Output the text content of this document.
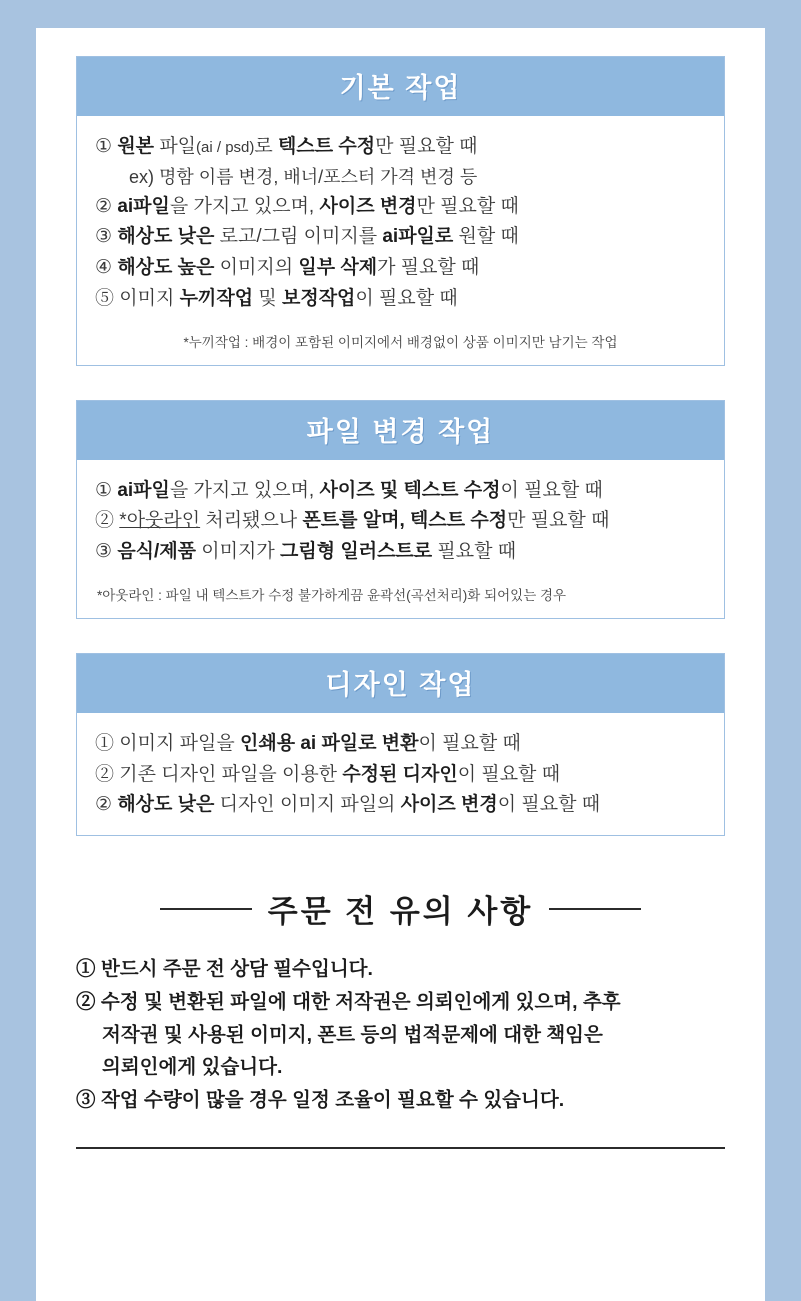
기본 작업
① 원본 파일(ai / psd)로 텍스트 수정만 필요할 때
ex) 명함 이름 변경, 배너/포스터 가격 변경 등
② ai파일을 가지고 있으며, 사이즈 변경만 필요할 때
③ 해상도 낮은 로고/그림 이미지를 ai파일로 원할 때
④ 해상도 높은 이미지의 일부 삭제가 필요할 때
⑤ 이미지 누끼작업 및 보정작업이 필요할 때
*누끼작업 : 배경이 포함된 이미지에서 배경없이 상품 이미지만 남기는 작업
파일 변경 작업
① ai파일을 가지고 있으며, 사이즈 및 텍스트 수정이 필요할 때
② *아웃라인 처리됐으나 폰트를 알며, 텍스트 수정만 필요할 때
③ 음식/제품 이미지가 그림형 일러스트로 필요할 때
*아웃라인 : 파일 내 텍스트가 수정 불가하게끔 윤곽선(곡선처리)화 되어있는 경우
디자인 작업
① 이미지 파일을 인쇄용 ai 파일로 변환이 필요할 때
② 기존 디자인 파일을 이용한 수정된 디자인이 필요할 때
② 해상도 낮은 디자인 이미지 파일의 사이즈 변경이 필요할 때
주문 전 유의 사항
① 반드시 주문 전 상담 필수입니다.
② 수정 및 변환된 파일에 대한 저작권은 의뢰인에게 있으며, 추후
저작권 및 사용된 이미지, 폰트 등의 법적문제에 대한 책임은
의뢰인에게 있습니다.
③ 작업 수량이 많을 경우 일정 조율이 필요할 수 있습니다.
